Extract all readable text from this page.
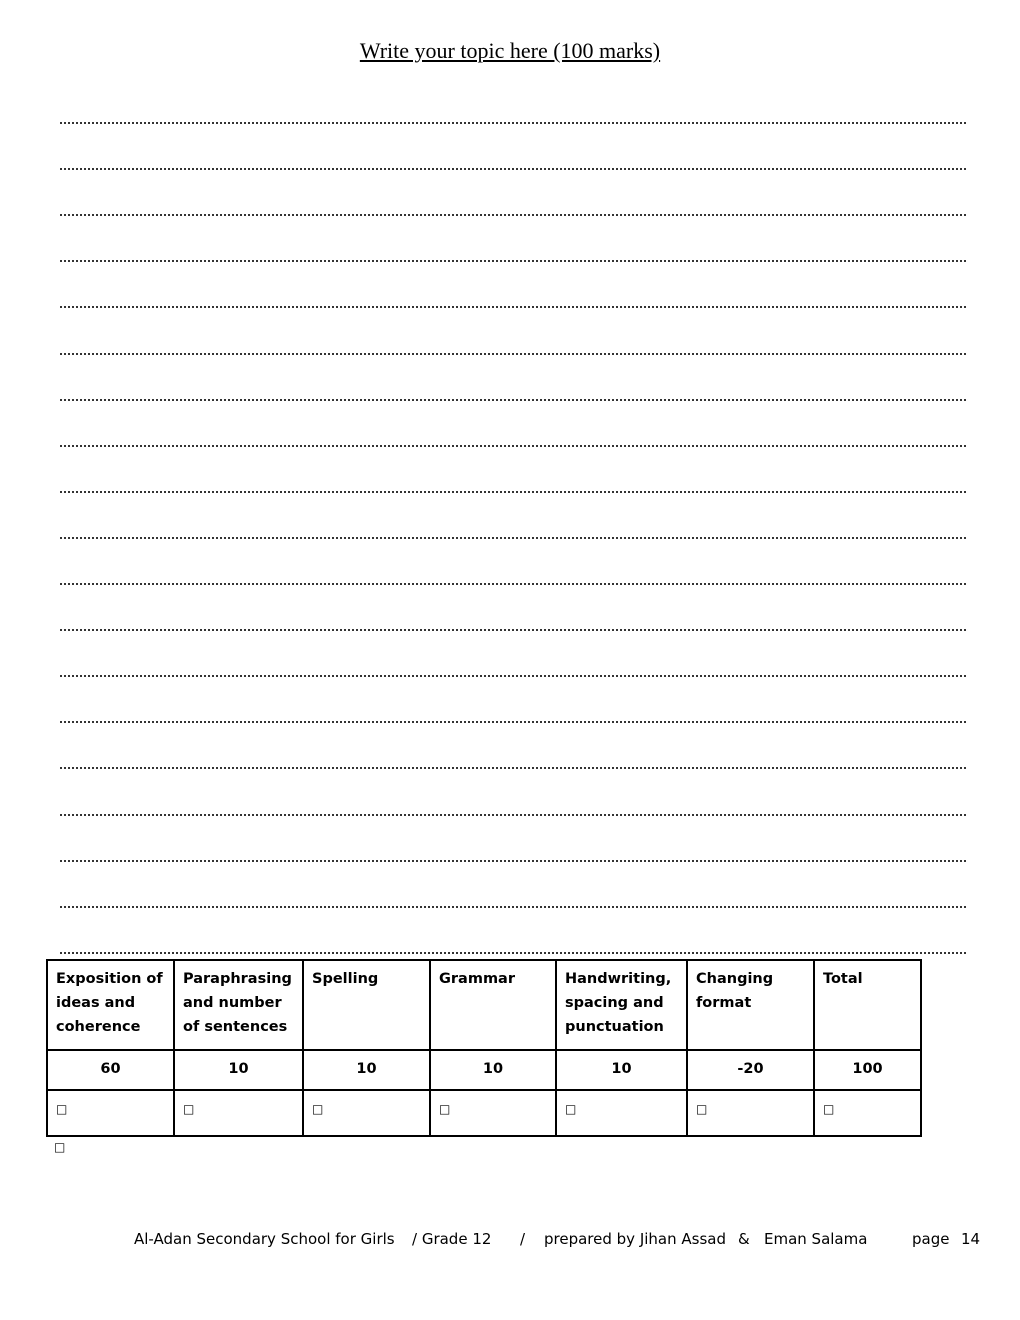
Write your topic here (100 marks)
Exposition of ideas and coherence	Paraphrasing and number of sentences	Spelling	Grammar	Handwriting, spacing and punctuation	Changing format	Total
60	10	10	10	10	-20	100
□	□	□	□	□	□	□
□
Al-Adan Secondary School for Girls / Grade 12 / prepared by Jihan Assad & Eman Salama	page 14
